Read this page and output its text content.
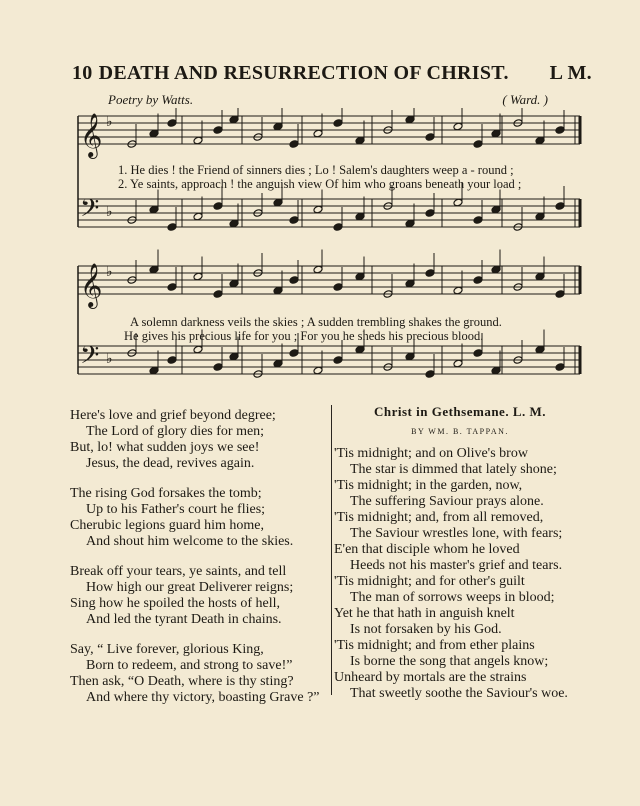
10 DEATH AND RESURRECTION OF CHRIST. L M.
Poetry by Watts.	( Ward. )
𝄞 ♭
𝄢 ♭
𝄞 ♭
𝄢 ♭
1. He dies ! the Friend of sinners dies ; Lo ! Salem's daughters weep a - round ;
2. Ye saints, approach ! the anguish view Of him who groans beneath your load ;
A solemn darkness veils the skies ; A sudden trembling shakes the ground.
He gives his precious life for you ; For you he sheds his precious blood.
Here's love and grief beyond degree;
The Lord of glory dies for men;
But, lo! what sudden joys we see!
Jesus, the dead, revives again.
The rising God forsakes the tomb;
Up to his Father's court he flies;
Cherubic legions guard him home,
And shout him welcome to the skies.
Break off your tears, ye saints, and tell
How high our great Deliverer reigns;
Sing how he spoiled the hosts of hell,
And led the tyrant Death in chains.
Say, “ Live forever, glorious King,
Born to redeem, and strong to save!”
Then ask, “O Death, where is thy sting?
And where thy victory, boasting Grave ?”
Christ in Gethsemane. L. M.
BY WM. B. TAPPAN.
'Tis midnight; and on Olive's brow
The star is dimmed that lately shone;
'Tis midnight; in the garden, now,
The suffering Saviour prays alone.
'Tis midnight; and, from all removed,
The Saviour wrestles lone, with fears;
E'en that disciple whom he loved
Heeds not his master's grief and tears.
'Tis midnight; and for other's guilt
The man of sorrows weeps in blood;
Yet he that hath in anguish knelt
Is not forsaken by his God.
'Tis midnight; and from ether plains
Is borne the song that angels know;
Unheard by mortals are the strains
That sweetly soothe the Saviour's woe.
